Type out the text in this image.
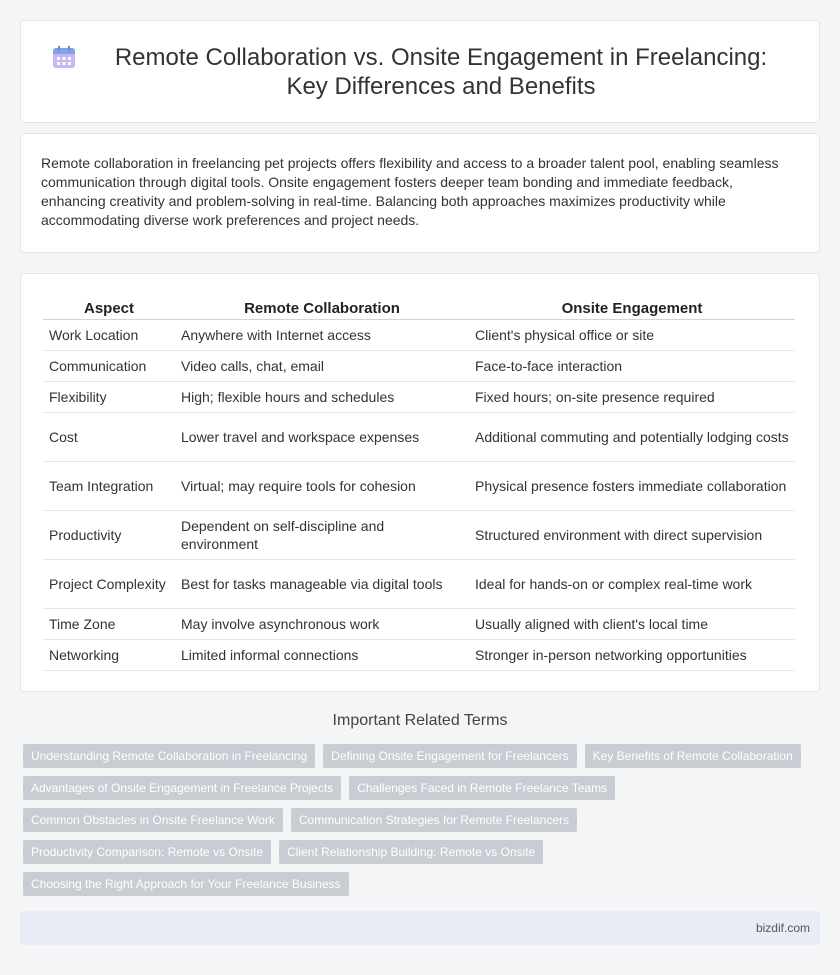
Remote Collaboration vs. Onsite Engagement in Freelancing: Key Differences and Benefits

Remote collaboration in freelancing pet projects offers flexibility and access to a broader talent pool, enabling seamless communication through digital tools. Onsite engagement fosters deeper team bonding and immediate feedback, enhancing creativity and problem-solving in real-time. Balancing both approaches maximizes productivity while accommodating diverse work preferences and project needs.

Aspect	Remote Collaboration	Onsite Engagement
Work Location	Anywhere with Internet access	Client's physical office or site
Communication	Video calls, chat, email	Face-to-face interaction
Flexibility	High; flexible hours and schedules	Fixed hours; on-site presence required
Cost	Lower travel and workspace expenses	Additional commuting and potentially lodging costs
Team Integration	Virtual; may require tools for cohesion	Physical presence fosters immediate collaboration
Productivity	Dependent on self-discipline and environment	Structured environment with direct supervision
Project Complexity	Best for tasks manageable via digital tools	Ideal for hands-on or complex real-time work
Time Zone	May involve asynchronous work	Usually aligned with client's local time
Networking	Limited informal connections	Stronger in-person networking opportunities
Important Related Terms
Understanding Remote Collaboration in Freelancing	Defining Onsite Engagement for Freelancers	Key Benefits of Remote Collaboration
Advantages of Onsite Engagement in Freelance Projects	Challenges Faced in Remote Freelance Teams
Common Obstacles in Onsite Freelance Work	Communication Strategies for Remote Freelancers
Productivity Comparison: Remote vs Onsite	Client Relationship Building: Remote vs Onsite
Choosing the Right Approach for Your Freelance Business
bizdif.com
